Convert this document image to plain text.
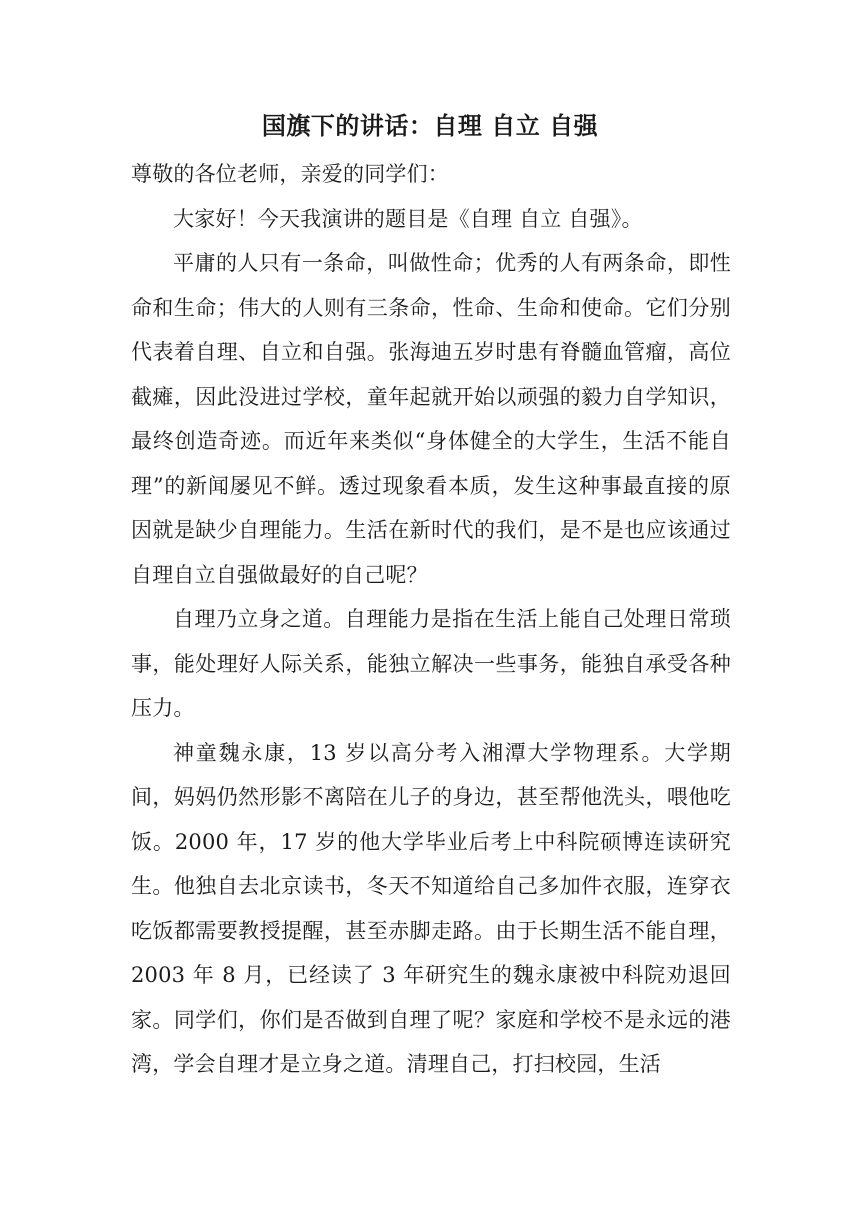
国旗下的讲话：自理 自立 自强

尊敬的各位老师，亲爱的同学们：

大家好！今天我演讲的题目是《自理 自立 自强》。

平庸的人只有一条命，叫做性命；优秀的人有两条命，即性命和生命；伟大的人则有三条命，性命、生命和使命。它们分别代表着自理、自立和自强。张海迪五岁时患有脊髓血管瘤，高位截瘫，因此没进过学校，童年起就开始以顽强的毅力自学知识，最终创造奇迹。而近年来类似“身体健全的大学生，生活不能自理”的新闻屡见不鲜。透过现象看本质，发生这种事最直接的原因就是缺少自理能力。生活在新时代的我们，是不是也应该通过自理自立自强做最好的自己呢？

自理乃立身之道。自理能力是指在生活上能自己处理日常琐事，能处理好人际关系，能独立解决一些事务，能独自承受各种压力。

神童魏永康，13 岁以高分考入湘潭大学物理系。大学期间，妈妈仍然形影不离陪在儿子的身边，甚至帮他洗头，喂他吃饭。2000 年，17 岁的他大学毕业后考上中科院硕博连读研究生。他独自去北京读书，冬天不知道给自己多加件衣服，连穿衣吃饭都需要教授提醒，甚至赤脚走路。由于长期生活不能自理，2003 年 8 月，已经读了 3 年研究生的魏永康被中科院劝退回家。同学们，你们是否做到自理了呢？家庭和学校不是永远的港湾，学会自理才是立身之道。清理自己，打扫校园，生活
